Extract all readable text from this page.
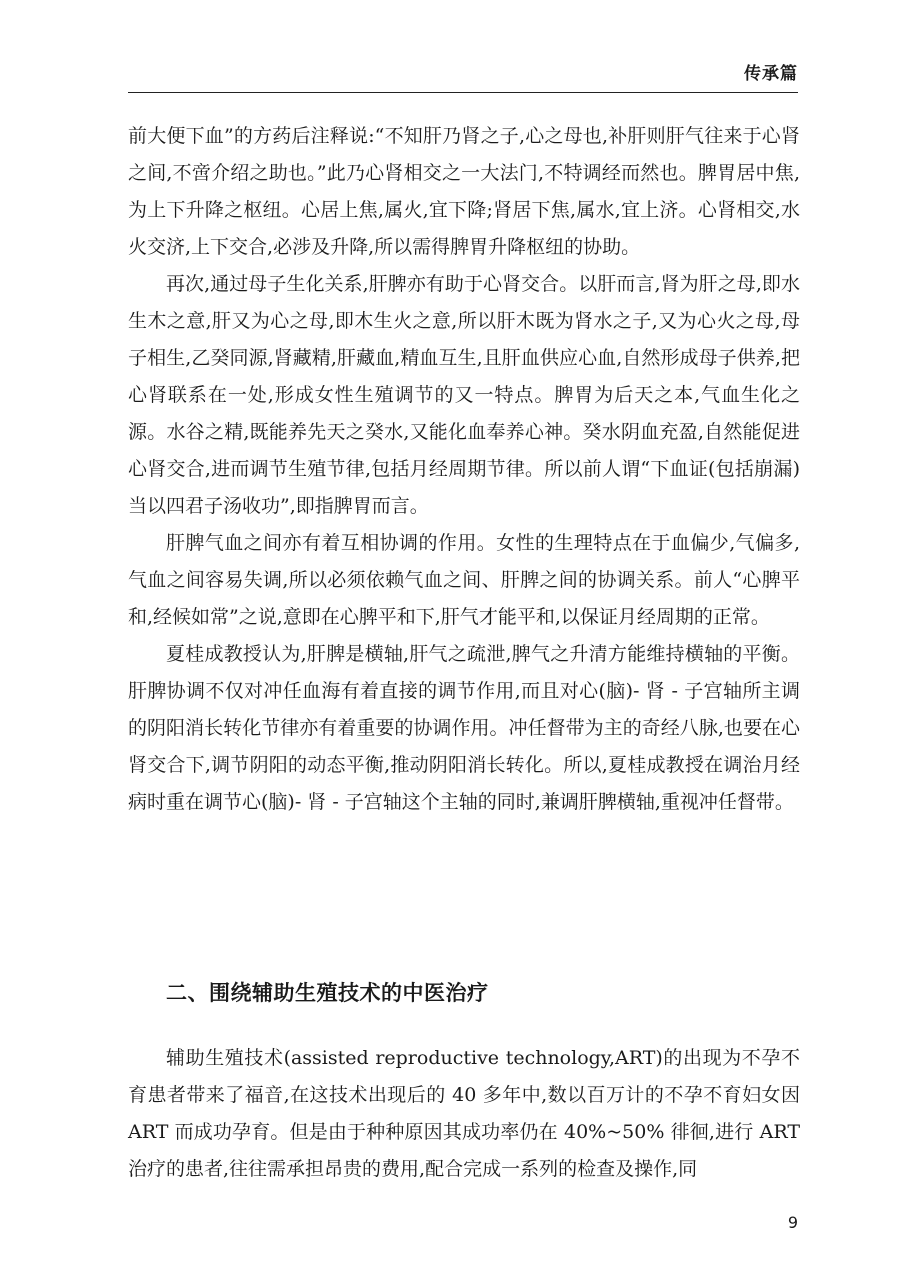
传承篇

前大便下血”的方药后注释说:“不知肝乃肾之子,心之母也,补肝则肝气往来于心肾之间,不啻介绍之助也。”此乃心肾相交之一大法门,不特调经而然也。脾胃居中焦,为上下升降之枢纽。心居上焦,属火,宜下降;肾居下焦,属水,宜上济。心肾相交,水火交济,上下交合,必涉及升降,所以需得脾胃升降枢纽的协助。

再次,通过母子生化关系,肝脾亦有助于心肾交合。以肝而言,肾为肝之母,即水生木之意,肝又为心之母,即木生火之意,所以肝木既为肾水之子,又为心火之母,母子相生,乙癸同源,肾藏精,肝藏血,精血互生,且肝血供应心血,自然形成母子供养,把心肾联系在一处,形成女性生殖调节的又一特点。脾胃为后天之本,气血生化之源。水谷之精,既能养先天之癸水,又能化血奉养心神。癸水阴血充盈,自然能促进心肾交合,进而调节生殖节律,包括月经周期节律。所以前人谓“下血证(包括崩漏)当以四君子汤收功”,即指脾胃而言。

肝脾气血之间亦有着互相协调的作用。女性的生理特点在于血偏少,气偏多,气血之间容易失调,所以必须依赖气血之间、肝脾之间的协调关系。前人“心脾平和,经候如常”之说,意即在心脾平和下,肝气才能平和,以保证月经周期的正常。

夏桂成教授认为,肝脾是横轴,肝气之疏泄,脾气之升清方能维持横轴的平衡。肝脾协调不仅对冲任血海有着直接的调节作用,而且对心(脑)- 肾 - 子宫轴所主调的阴阳消长转化节律亦有着重要的协调作用。冲任督带为主的奇经八脉,也要在心肾交合下,调节阴阳的动态平衡,推动阴阳消长转化。所以,夏桂成教授在调治月经病时重在调节心(脑)- 肾 - 子宫轴这个主轴的同时,兼调肝脾横轴,重视冲任督带。

二、围绕辅助生殖技术的中医治疗

辅助生殖技术(assisted reproductive technology,ART)的出现为不孕不育患者带来了福音,在这技术出现后的 40 多年中,数以百万计的不孕不育妇女因 ART 而成功孕育。但是由于种种原因其成功率仍在 40%~50% 徘徊,进行 ART 治疗的患者,往往需承担昂贵的费用,配合完成一系列的检查及操作,同

9
